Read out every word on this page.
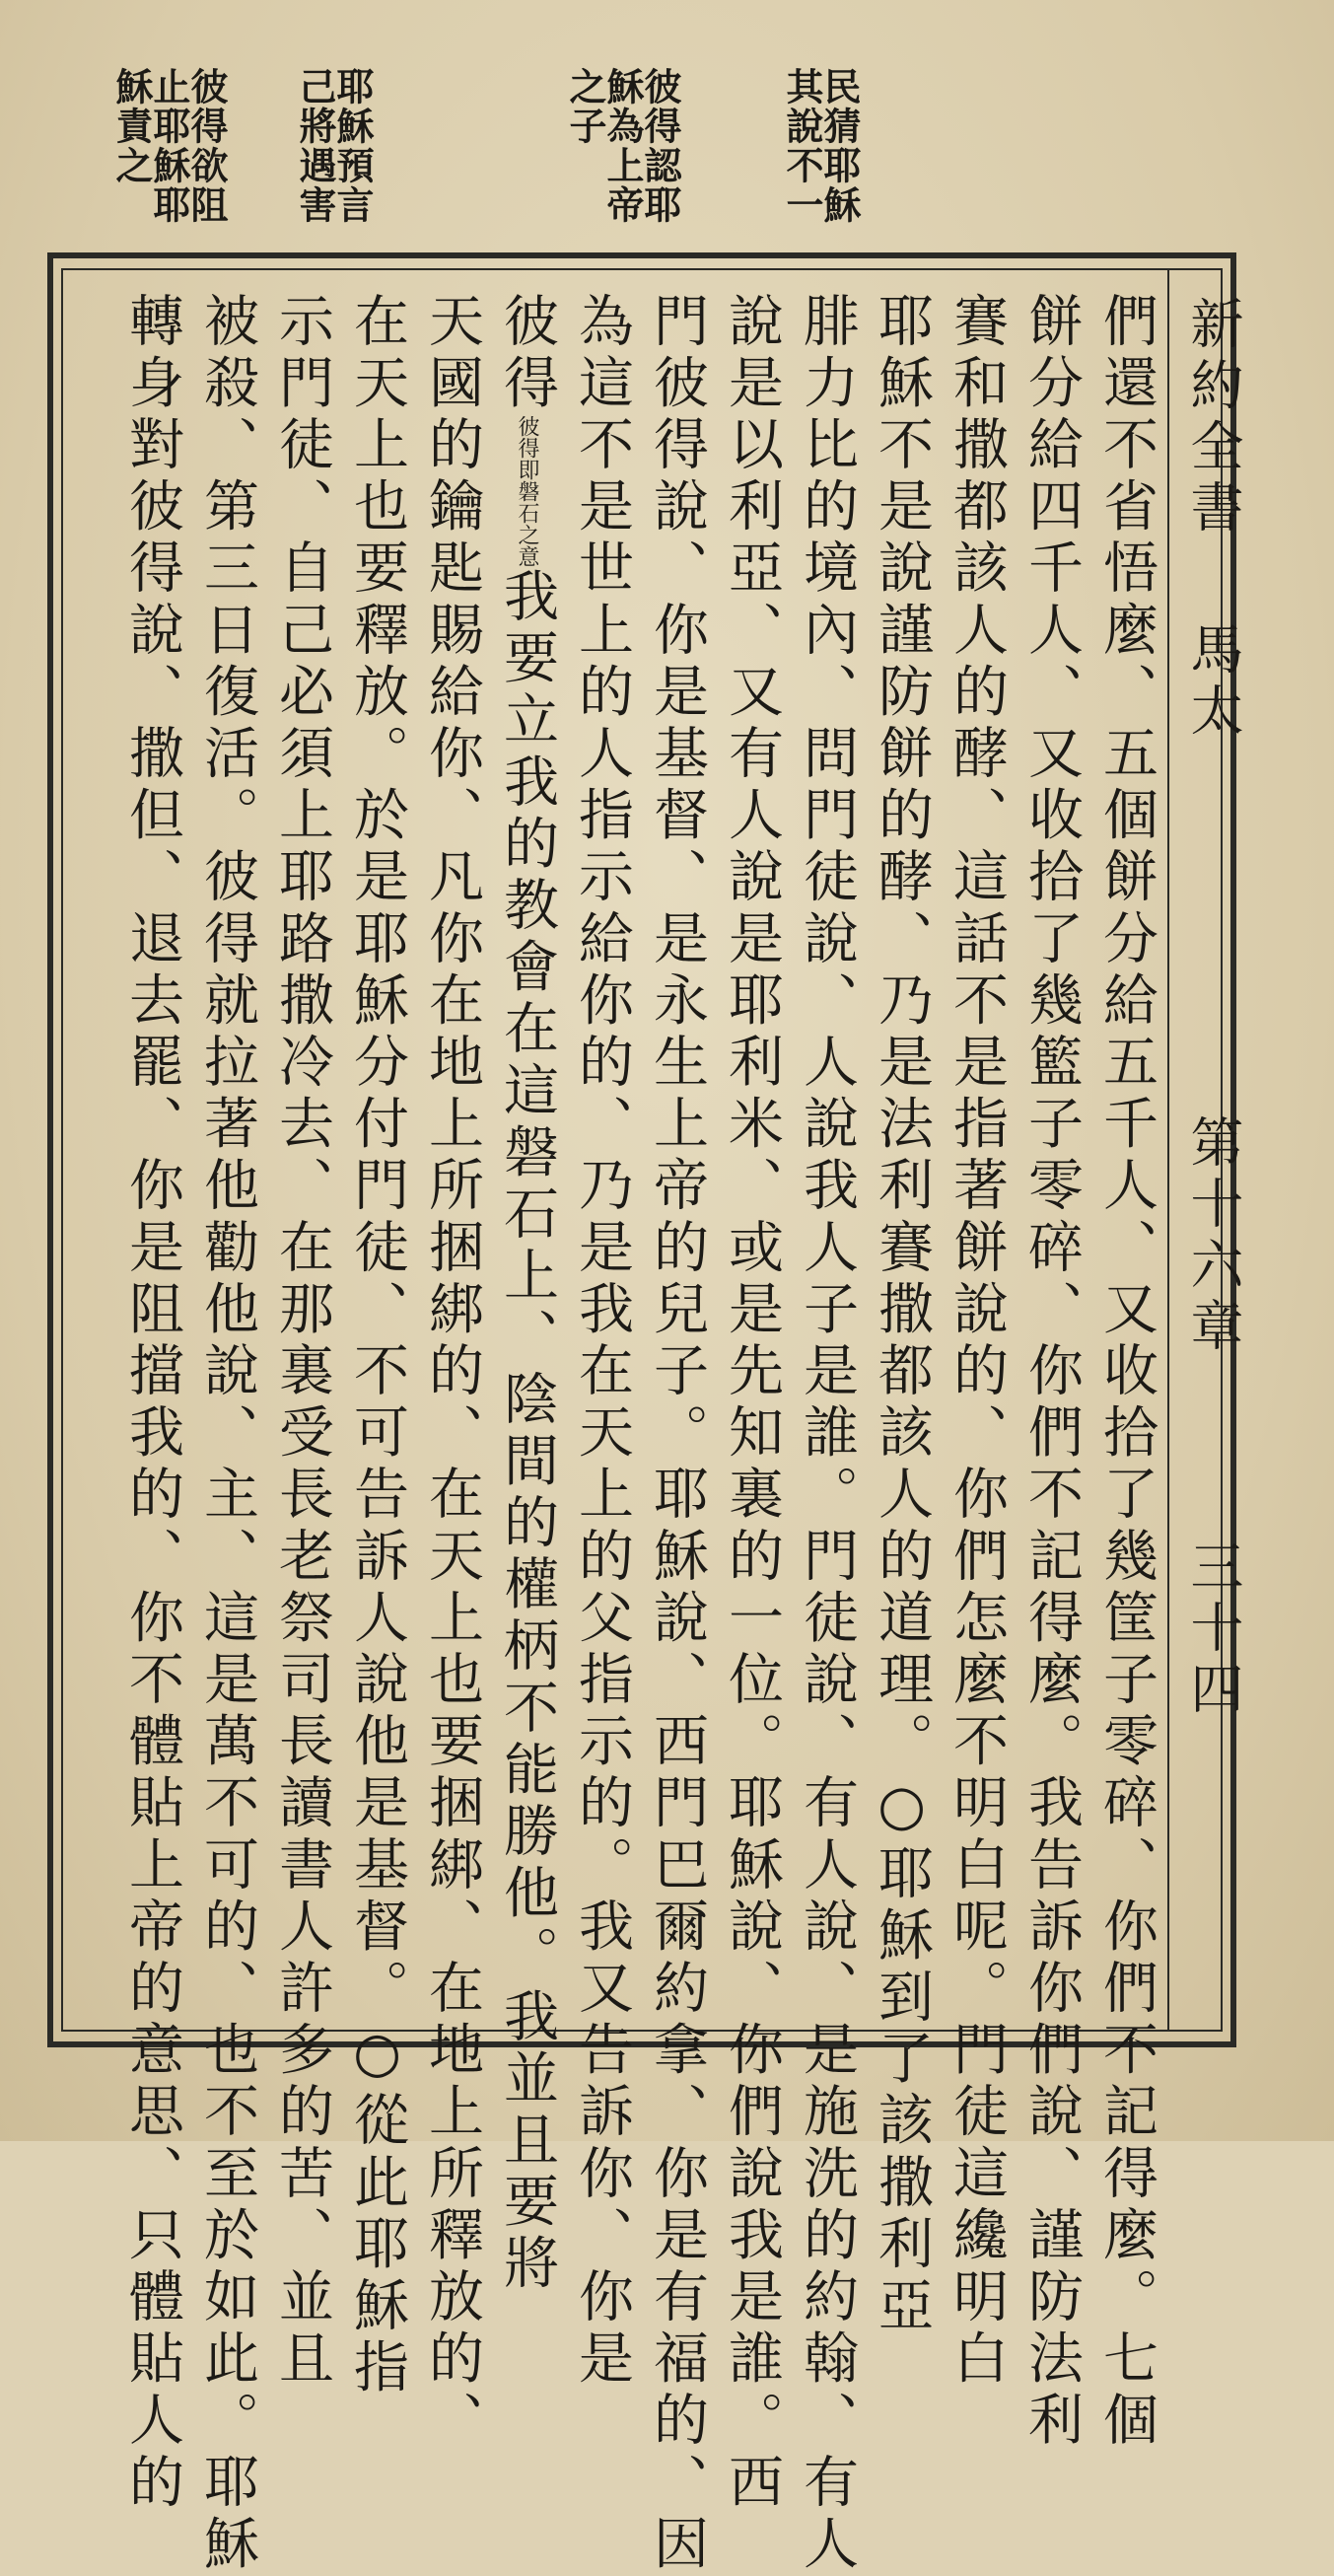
民猜耶穌
其說不一
彼得認耶
穌為上帝
之子
耶穌預言
己將遇害
彼得欲阻
止耶穌耶
穌責之
新約全書
馬太
第十六章
三十四
們還不省悟麼、五個餅分給五千人、又收拾了幾筐子零碎、你們不記得麼。七個
餅分給四千人、又收拾了幾籃子零碎、你們不記得麼。我告訴你們說、謹防法利
賽和撒都該人的酵、這話不是指著餅說的、你們怎麼不明白呢。門徒這纔明白
耶穌不是說謹防餅的酵、乃是法利賽撒都該人的道理。○耶穌到了該撒利亞
腓力比的境內、問門徒說、人說我人子是誰。門徒說、有人說、是施洗的約翰、有人
說是以利亞、又有人說是耶利米、或是先知裏的一位。耶穌說、你們說我是誰。西
門彼得說、你是基督、是永生上帝的兒子。耶穌說、西門巴爾約拿、你是有福的、因
為這不是世上的人指示給你的、乃是我在天上的父指示的。我又告訴你、你是
彼得彼得即磐石之意我要立我的教會在這磐石上、陰間的權柄不能勝他。我並且要將
天國的鑰匙賜給你、凡你在地上所捆綁的、在天上也要捆綁、在地上所釋放的、
在天上也要釋放。於是耶穌分付門徒、不可告訴人說他是基督。○從此耶穌指
示門徒、自己必須上耶路撒冷去、在那裏受長老祭司長讀書人許多的苦、並且
被殺、第三日復活。彼得就拉著他勸他說、主、這是萬不可的、也不至於如此。耶穌
轉身對彼得說、撒但、退去罷、你是阻擋我的、你不體貼上帝的意思、只體貼人的
